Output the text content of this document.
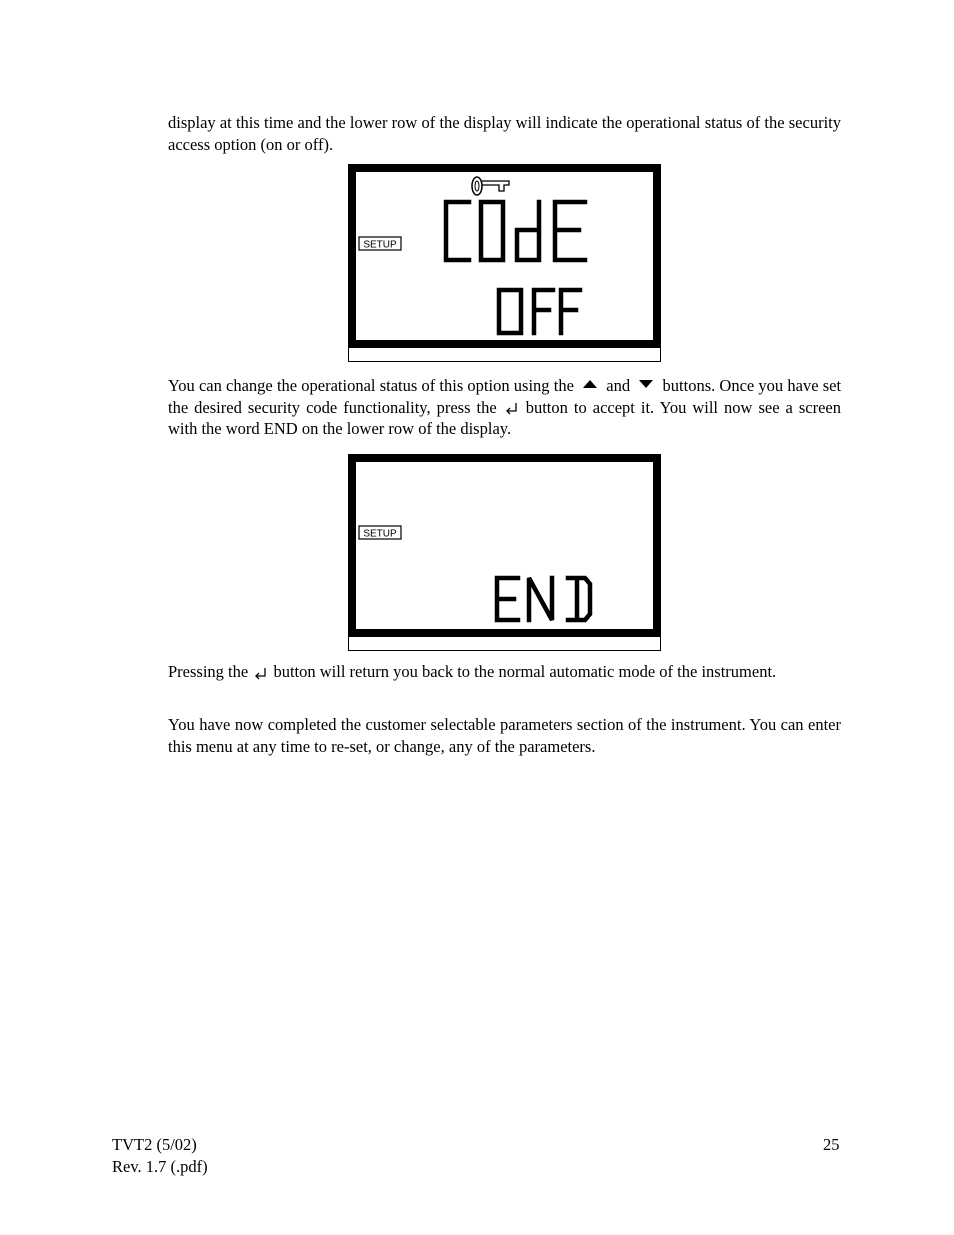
display at this time and the lower row of the display will indicate the operational status of the security access option (on or off).

SETUP

You can change the operational status of this option using the and buttons. Once you have set the desired security code functionality, press the button to accept it. You will now see a screen with the word END on the lower row of the display.

SETUP

Pressing the button will return you back to the normal automatic mode of the instrument.

You have now completed the customer selectable parameters section of the instrument. You can enter this menu at any time to re-set, or change, any of the parameters.

TVT2 (5/02)
Rev. 1.7 (.pdf)
25
